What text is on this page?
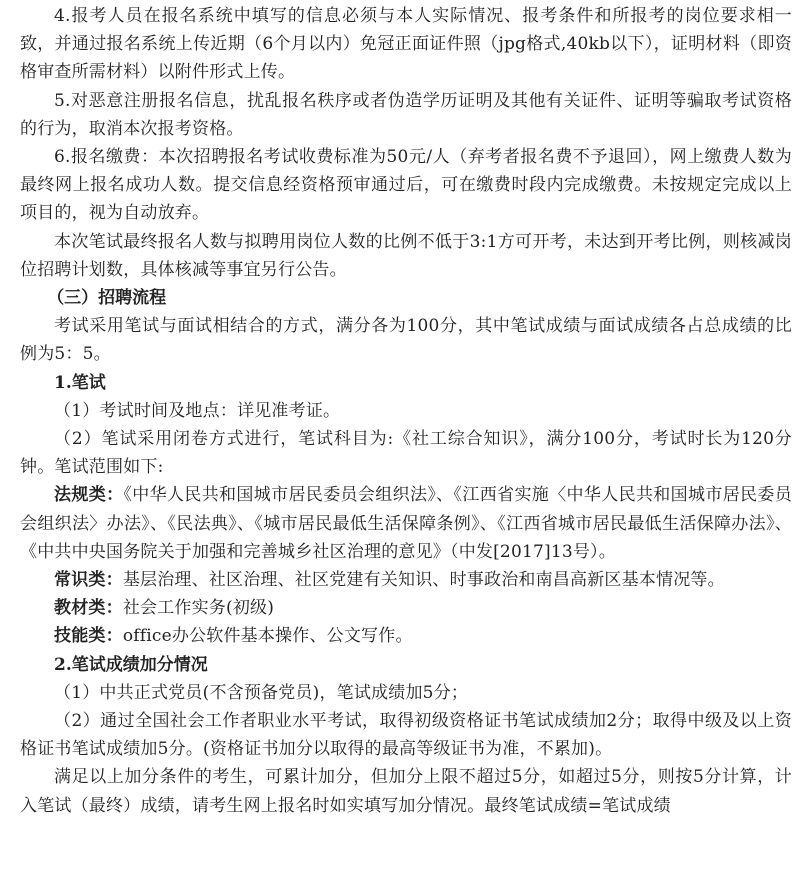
4.报考人员在报名系统中填写的信息必须与本人实际情况、报考条件和所报考的岗位要求相一致，并通过报名系统上传近期（6个月以内）免冠正面证件照（jpg格式,40kb以下），证明材料（即资格审查所需材料）以附件形式上传。

5.对恶意注册报名信息，扰乱报名秩序或者伪造学历证明及其他有关证件、证明等骗取考试资格的行为，取消本次报考资格。

6.报名缴费：本次招聘报名考试收费标准为50元/人（弃考者报名费不予退回），网上缴费人数为最终网上报名成功人数。提交信息经资格预审通过后，可在缴费时段内完成缴费。未按规定完成以上项目的，视为自动放弃。

本次笔试最终报名人数与拟聘用岗位人数的比例不低于3:1方可开考，未达到开考比例，则核减岗位招聘计划数，具体核减等事宜另行公告。

（三）招聘流程

考试采用笔试与面试相结合的方式，满分各为100分，其中笔试成绩与面试成绩各占总成绩的比例为5：5。

1.笔试

（1）考试时间及地点：详见准考证。

（2）笔试采用闭卷方式进行，笔试科目为:《社工综合知识》，满分100分，考试时长为120分钟。笔试范围如下:

法规类：《中华人民共和国城市居民委员会组织法》、《江西省实施〈中华人民共和国城市居民委员会组织法〉办法》、《民法典》、《城市居民最低生活保障条例》、《江西省城市居民最低生活保障办法》、《中共中央国务院关于加强和完善城乡社区治理的意见》（中发[2017]13号）。

常识类：基层治理、社区治理、社区党建有关知识、时事政治和南昌高新区基本情况等。

教材类：社会工作实务(初级)

技能类：office办公软件基本操作、公文写作。

2.笔试成绩加分情况

（1）中共正式党员(不含预备党员)，笔试成绩加5分；

（2）通过全国社会工作者职业水平考试，取得初级资格证书笔试成绩加2分；取得中级及以上资格证书笔试成绩加5分。(资格证书加分以取得的最高等级证书为准，不累加)。

满足以上加分条件的考生，可累计加分，但加分上限不超过5分，如超过5分，则按5分计算，计入笔试（最终）成绩，请考生网上报名时如实填写加分情况。最终笔试成绩=笔试成绩
